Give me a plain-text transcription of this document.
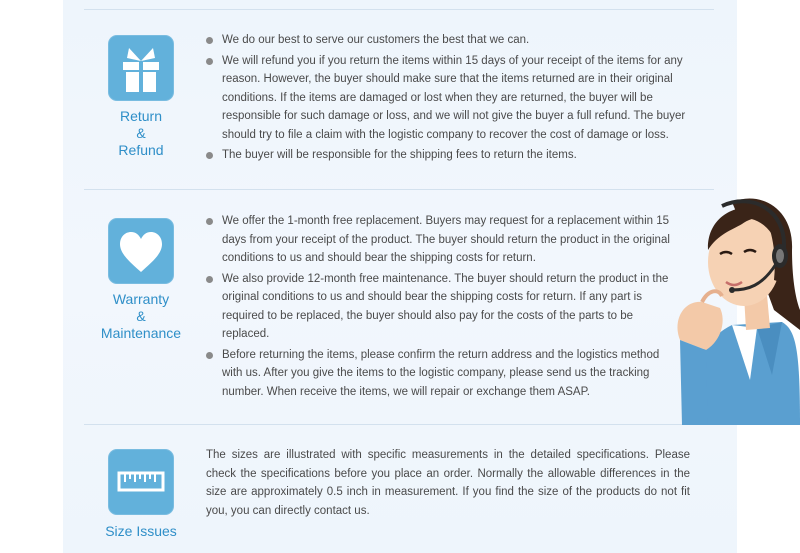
Return
&
Refund
We do our best to serve our customers the best that we can.
We will refund you if you return the items within 15 days of your receipt of the items for any reason. However, the buyer should make sure that the items returned are in their original conditions. If the items are damaged or lost when they are returned, the buyer will be responsible for such damage or loss, and we will not give the buyer a full refund. The buyer should try to file a claim with the logistic company to recover the cost of damage or loss.
The buyer will be responsible for the shipping fees to return the items.
Warranty
&
Maintenance
We offer the 1-month free replacement. Buyers may request for a replacement within 15 days from your receipt of the product. The buyer should return the product in the original conditions to us and should bear the shipping costs for return.
We also provide 12-month free maintenance. The buyer should return the product in the original conditions to us and should bear the shipping costs for return. If any part is required to be replaced, the buyer should also pay for the costs of the parts to be replaced.
Before returning the items, please confirm the return address and the logistics method with us. After you give the items to the logistic company, please send us the tracking number. When receive the items, we will repair or exchange them ASAP.
Size Issues

The sizes are illustrated with specific measurements in the detailed specifications. Please check the specifications before you place an order. Normally the allowable differences in the size are approximately 0.5 inch in measurement. If you find the size of the products do not fit you, you can directly contact us.
